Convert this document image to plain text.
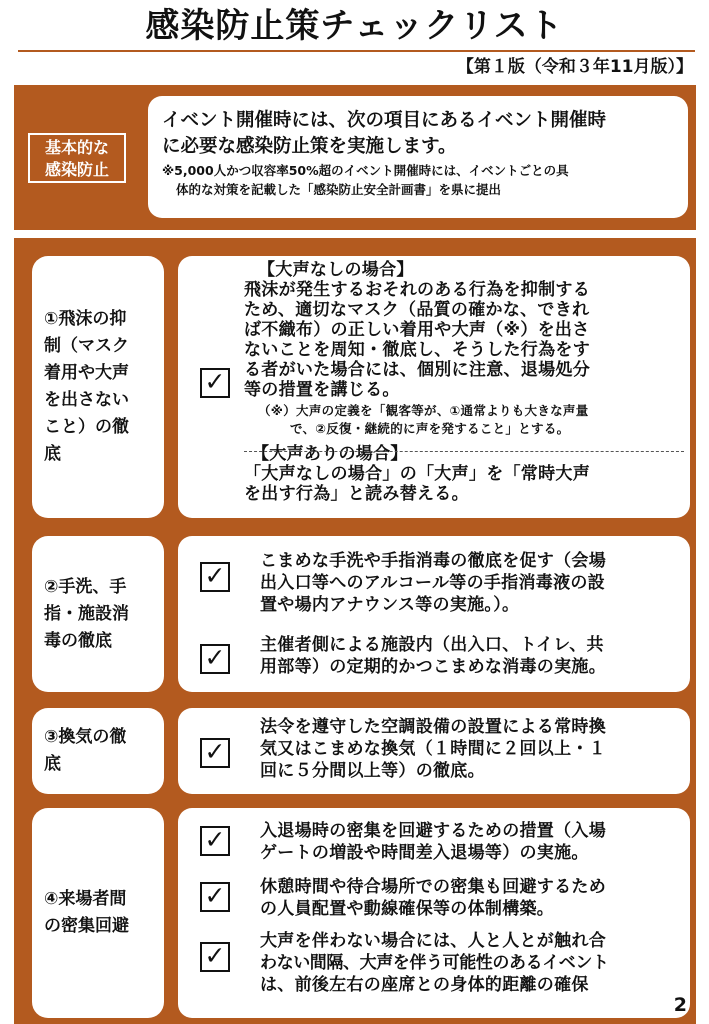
感染防止策チェックリスト
【第１版（令和３年11月版）】
基本的な
感染防止
イベント開催時には、次の項目にあるイベント開催時
に必要な感染防止策を実施します。
※5,000人かつ収容率50%超のイベント開催時には、イベントごとの具
体的な対策を記載した「感染防止安全計画書」を県に提出
①飛沫の抑
制（マスク
着用や大声
を出さない
こと）の徹
底
✓
【大声なしの場合】
飛沫が発生するおそれのある行為を抑制する
ため、適切なマスク（品質の確かな、できれ
ば不織布）の正しい着用や大声（※）を出さ
ないことを周知・徹底し、そうした行為をす
る者がいた場合には、個別に注意、退場処分
等の措置を講じる。
（※）大声の定義を「観客等が、①通常よりも大きな声量
で、②反復・継続的に声を発すること」とする。
【大声ありの場合】
「大声なしの場合」の「大声」を「常時大声
を出す行為」と読み替える。
②手洗、手
指・施設消
毒の徹底
✓ こまめな手洗や手指消毒の徹底を促す（会場
出入口等へのアルコール等の手指消毒液の設
置や場内アナウンス等の実施。）。
✓ 主催者側による施設内（出入口、トイレ、共
用部等）の定期的かつこまめな消毒の実施。
③換気の徹
底	✓
法令を遵守した空調設備の設置による常時換
気又はこまめな換気（１時間に２回以上・１
回に５分間以上等）の徹底。
④来場者間
の密集回避
✓ 入退場時の密集を回避するための措置（入場
ゲートの増設や時間差入退場等）の実施。
✓ 休憩時間や待合場所での密集も回避するため
の人員配置や動線確保等の体制構築。
✓ 大声を伴わない場合には、人と人とが触れ合
わない間隔、大声を伴う可能性のあるイベント
は、前後左右の座席との身体的距離の確保
2
